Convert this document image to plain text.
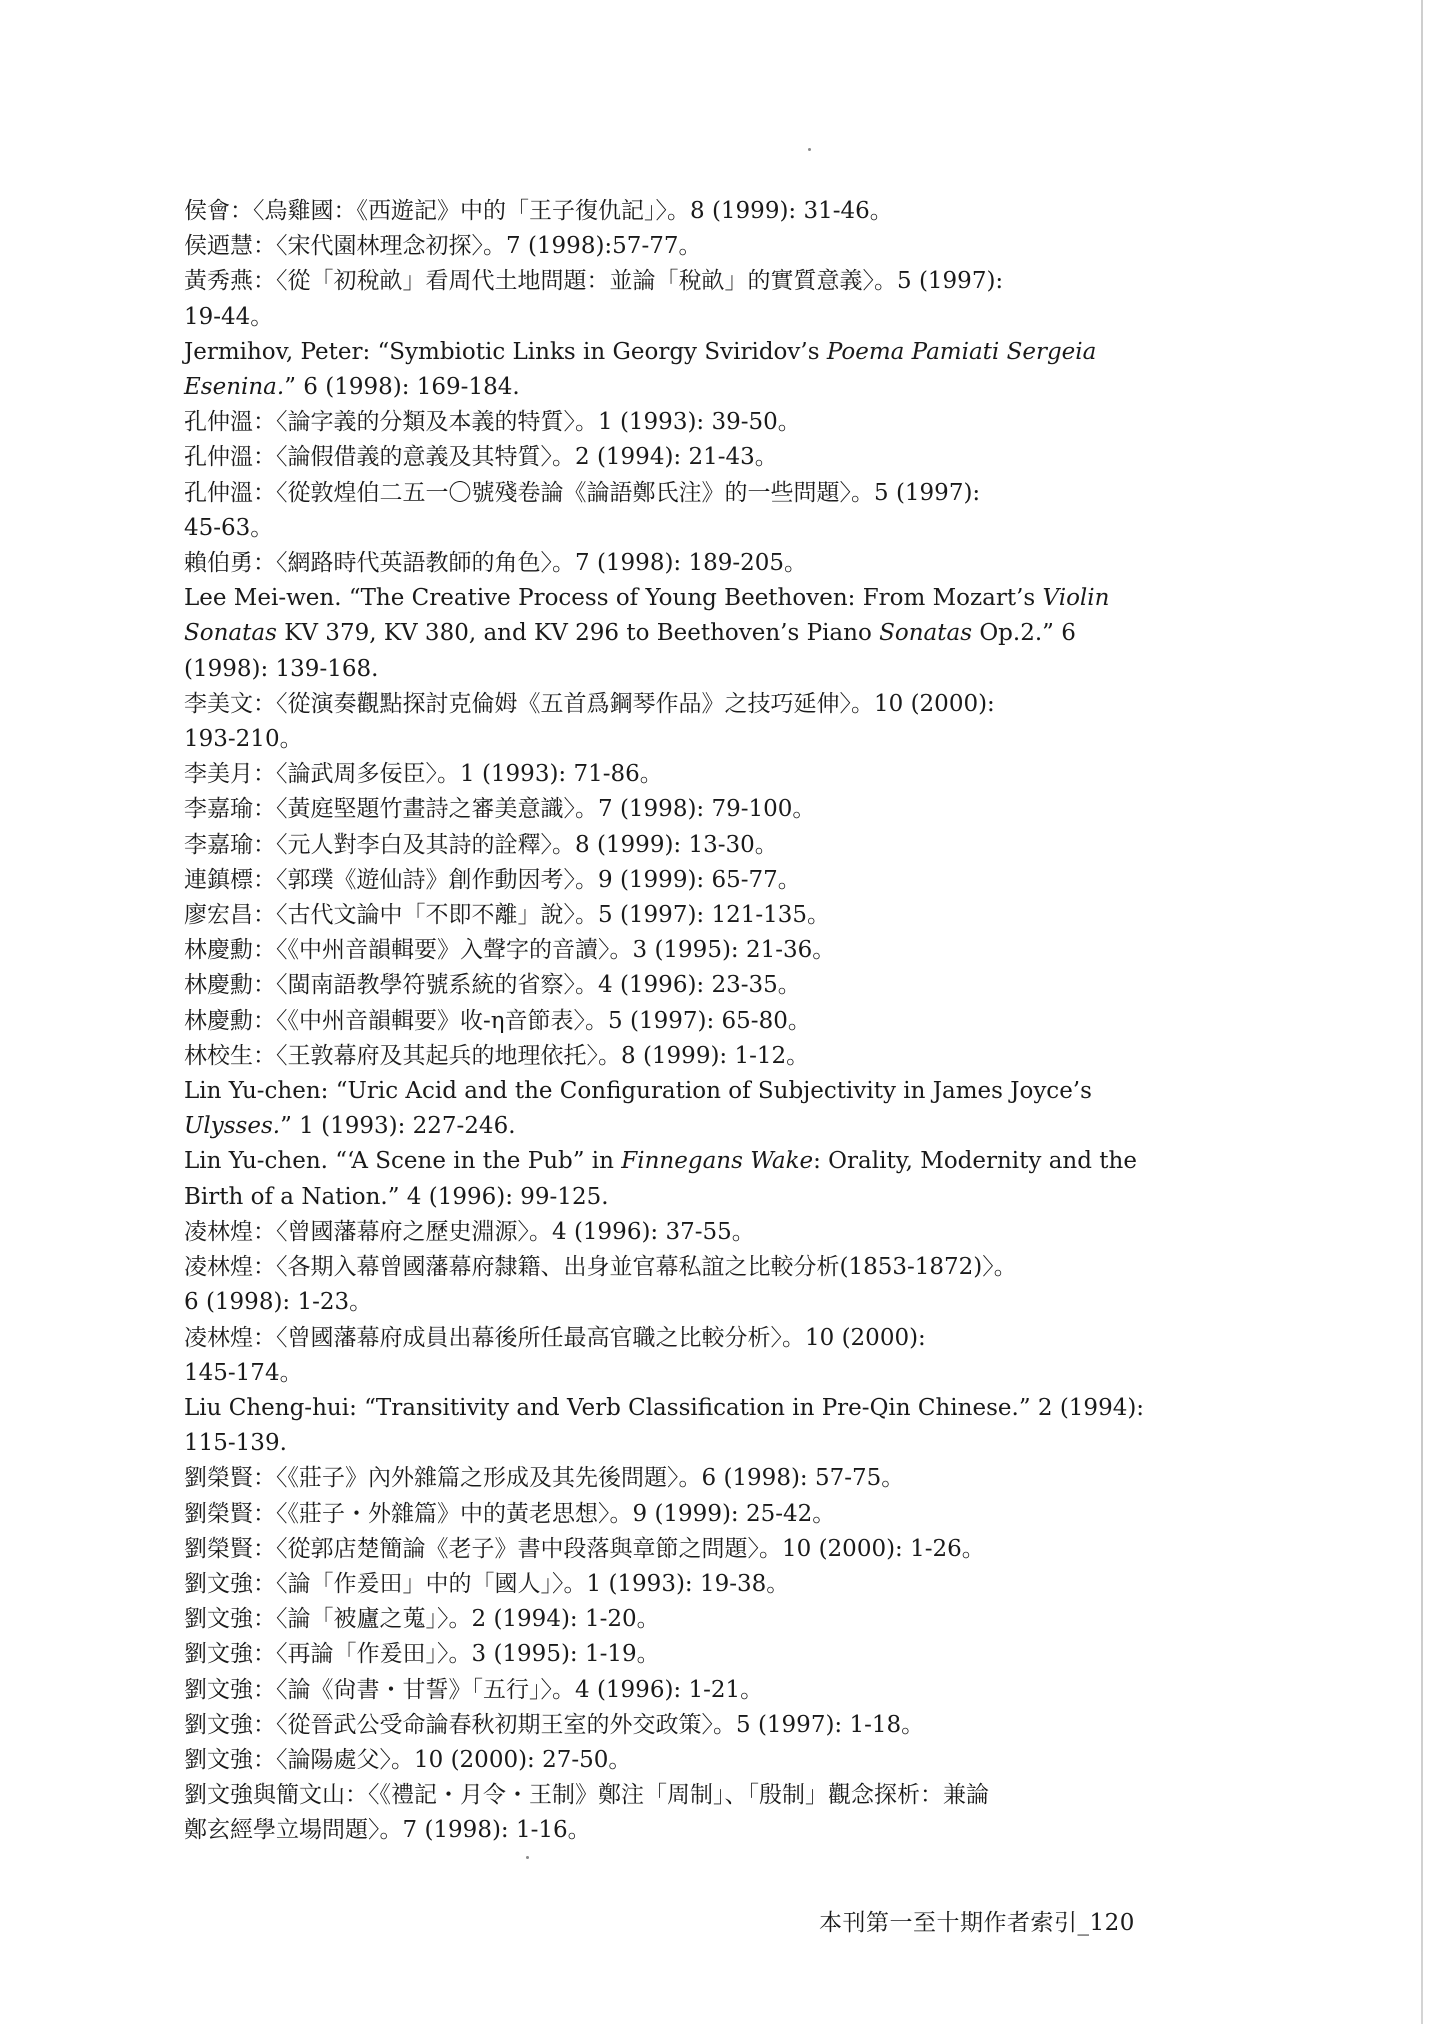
侯會：〈烏雞國：《西遊記》中的「王子復仇記」〉。8 (1999): 31-46。
侯迺慧：〈宋代園林理念初探〉。7 (1998):57-77。
黃秀燕：〈從「初稅畝」看周代土地問題：並論「稅畝」的實質意義〉。5 (1997):
19-44。
Jermihov, Peter: “Symbiotic Links in Georgy Sviridov’s Poema Pamiati Sergeia
Esenina.” 6 (1998): 169-184.
孔仲溫：〈論字義的分類及本義的特質〉。1 (1993): 39-50。
孔仲溫：〈論假借義的意義及其特質〉。2 (1994): 21-43。
孔仲溫：〈從敦煌伯二五一〇號殘卷論《論語鄭氏注》的一些問題〉。5 (1997):
45-63。
賴伯勇：〈網路時代英語教師的角色〉。7 (1998): 189-205。
Lee Mei-wen. “The Creative Process of Young Beethoven: From Mozart’s Violin
Sonatas KV 379, KV 380, and KV 296 to Beethoven’s Piano Sonatas Op.2.” 6
(1998): 139-168.
李美文：〈從演奏觀點探討克倫姆《五首爲鋼琴作品》之技巧延伸〉。10 (2000):
193-210。
李美月：〈論武周多佞臣〉。1 (1993): 71-86。
李嘉瑜：〈黃庭堅題竹畫詩之審美意識〉。7 (1998): 79-100。
李嘉瑜：〈元人對李白及其詩的詮釋〉。8 (1999): 13-30。
連鎮標：〈郭璞《遊仙詩》創作動因考〉。9 (1999): 65-77。
廖宏昌：〈古代文論中「不即不離」說〉。5 (1997): 121-135。
林慶勳：〈《中州音韻輯要》入聲字的音讀〉。3 (1995): 21-36。
林慶勳：〈閩南語教學符號系統的省察〉。4 (1996): 23-35。
林慶勳：〈《中州音韻輯要》收-η音節表〉。5 (1997): 65-80。
林校生：〈王敦幕府及其起兵的地理依托〉。8 (1999): 1-12。
Lin Yu-chen: “Uric Acid and the Configuration of Subjectivity in James Joyce’s
Ulysses.” 1 (1993): 227-246.
Lin Yu-chen. “‘A Scene in the Pub” in Finnegans Wake: Orality, Modernity and the
Birth of a Nation.” 4 (1996): 99-125.
凌林煌：〈曾國藩幕府之歷史淵源〉。4 (1996): 37-55。
凌林煌：〈各期入幕曾國藩幕府隸籍、出身並官幕私誼之比較分析(1853-1872)〉。
6 (1998): 1-23。
凌林煌：〈曾國藩幕府成員出幕後所任最高官職之比較分析〉。10 (2000):
145-174。
Liu Cheng-hui: “Transitivity and Verb Classification in Pre-Qin Chinese.” 2 (1994):
115-139.
劉榮賢：〈《莊子》內外雜篇之形成及其先後問題〉。6 (1998): 57-75。
劉榮賢：〈《莊子・外雜篇》中的黃老思想〉。9 (1999): 25-42。
劉榮賢：〈從郭店楚簡論《老子》書中段落與章節之問題〉。10 (2000): 1-26。
劉文強：〈論「作爰田」中的「國人」〉。1 (1993): 19-38。
劉文強：〈論「被廬之蒐」〉。2 (1994): 1-20。
劉文強：〈再論「作爰田」〉。3 (1995): 1-19。
劉文強：〈論《尙書・甘誓》「五行」〉。4 (1996): 1-21。
劉文強：〈從晉武公受命論春秋初期王室的外交政策〉。5 (1997): 1-18。
劉文強：〈論陽處父〉。10 (2000): 27-50。
劉文強與簡文山：〈《禮記・月令・王制》鄭注「周制」、「殷制」觀念探析：兼論
鄭玄經學立場問題〉。7 (1998): 1-16。
本刊第一至十期作者索引_120
